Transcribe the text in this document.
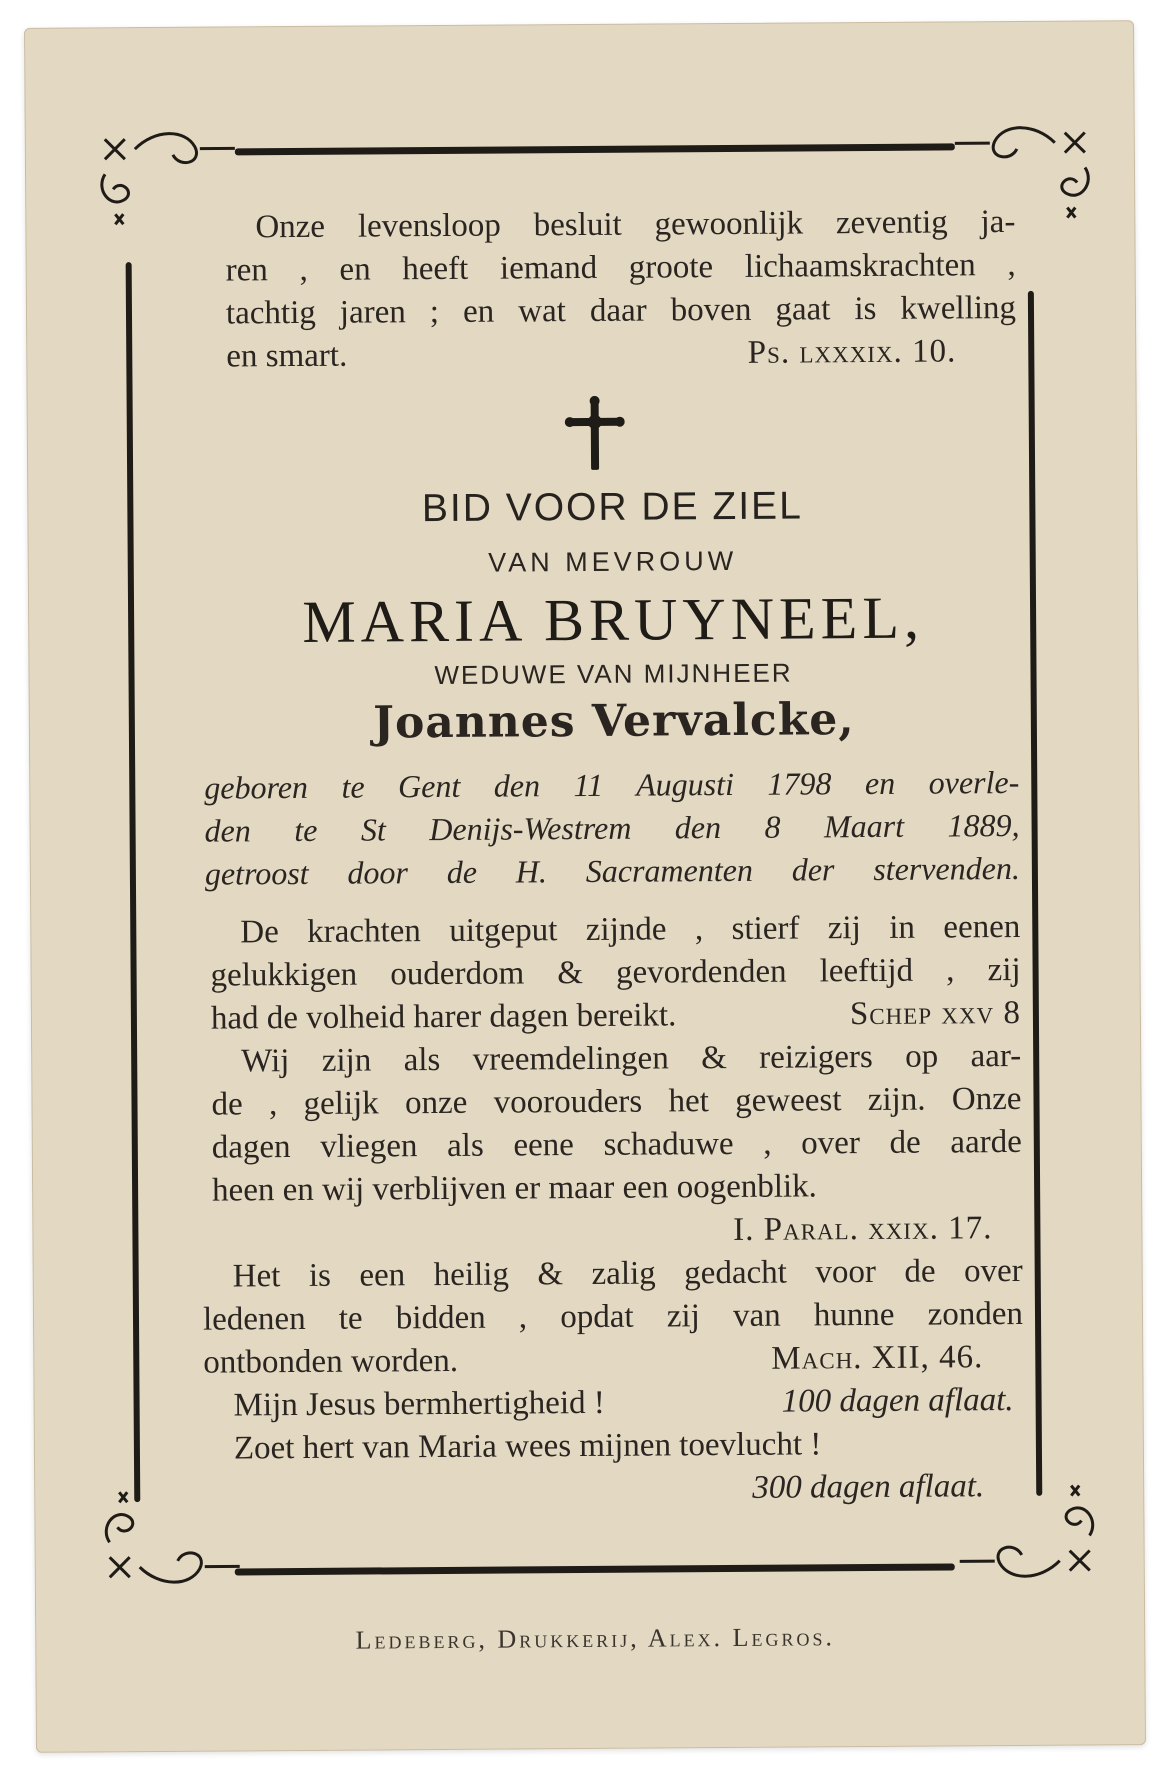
Onze levensloop besluit gewoonlijk zeventig ja-
ren , en heeft iemand groote lichaamskrachten ,
tachtig jaren ; en wat daar boven gaat is kwelling
en smart.	Ps. lxxxix. 10.
BID VOOR DE ZIEL
VAN MEVROUW
MARIA BRUYNEEL,
WEDUWE VAN MIJNHEER
Joannes Vervalcke,
geboren te Gent den 11 Augusti 1798 en overle-
den te St Denijs-Westrem den 8 Maart 1889,
getroost door de H. Sacramenten der stervenden.
De krachten uitgeput zijnde , stierf zij in eenen
gelukkigen ouderdom & gevordenden leeftijd , zij
had de volheid harer dagen bereikt.	Schep xxv 8
Wij zijn als vreemdelingen & reizigers op aar-
de , gelijk onze voorouders het geweest zijn. Onze
dagen vliegen als eene schaduwe , over de aarde
heen en wij verblijven er maar een oogenblik.
I. Paral. xxix. 17.
Het is een heilig & zalig gedacht voor de over
ledenen te bidden , opdat zij van hunne zonden
ontbonden worden.	Mach. XII, 46.
Mijn Jesus bermhertigheid !	100 dagen aflaat.
Zoet hert van Maria wees mijnen toevlucht !
300 dagen aflaat.
Ledeberg, Drukkerij, Alex. Legros.
